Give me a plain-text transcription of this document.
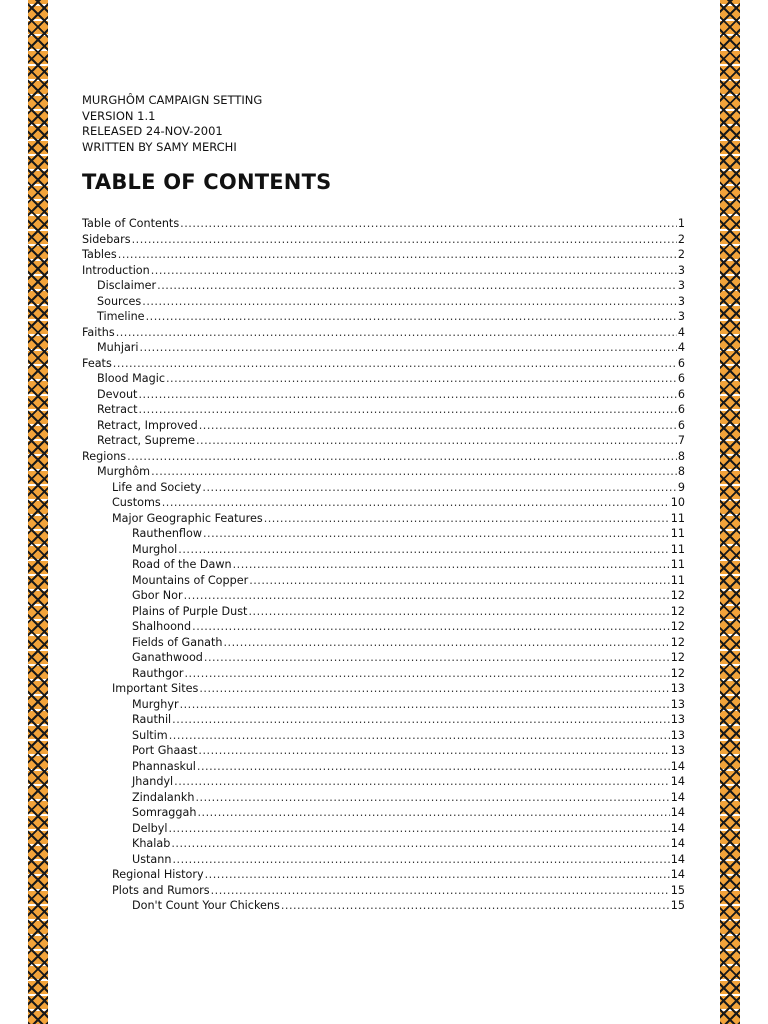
MURGHÔM CAMPAIGN SETTING
VERSION 1.1
RELEASED 24-NOV-2001
WRITTEN BY SAMY MERCHI
TABLE OF CONTENTS
Table of Contents .....	1
Sidebars .....	2
Tables .....	2
Introduction .....	3
Disclaimer .....	3
Sources .....	3
Timeline .....	3
Faiths .....	4
Muhjari .....	4
Feats .....	6
Blood Magic .....	6
Devout .....	6
Retract .....	6
Retract, Improved .....	6
Retract, Supreme .....	7
Regions .....	8
Murghôm .....	8
Life and Society .....	9
Customs .....	10
Major Geographic Features .....	11
Rauthenflow .....	11
Murghol .....	11
Road of the Dawn .....	11
Mountains of Copper .....	11
Gbor Nor .....	12
Plains of Purple Dust .....	12
Shalhoond .....	12
Fields of Ganath .....	12
Ganathwood .....	12
Rauthgor .....	12
Important Sites .....	13
Murghyr .....	13
Rauthil .....	13
Sultim .....	13
Port Ghaast .....	13
Phannaskul .....	14
Jhandyl .....	14
Zindalankh .....	14
Somraggah .....	14
Delbyl .....	14
Khalab .....	14
Ustann .....	14
Regional History .....	14
Plots and Rumors .....	15
Don't Count Your Chickens .....	15
